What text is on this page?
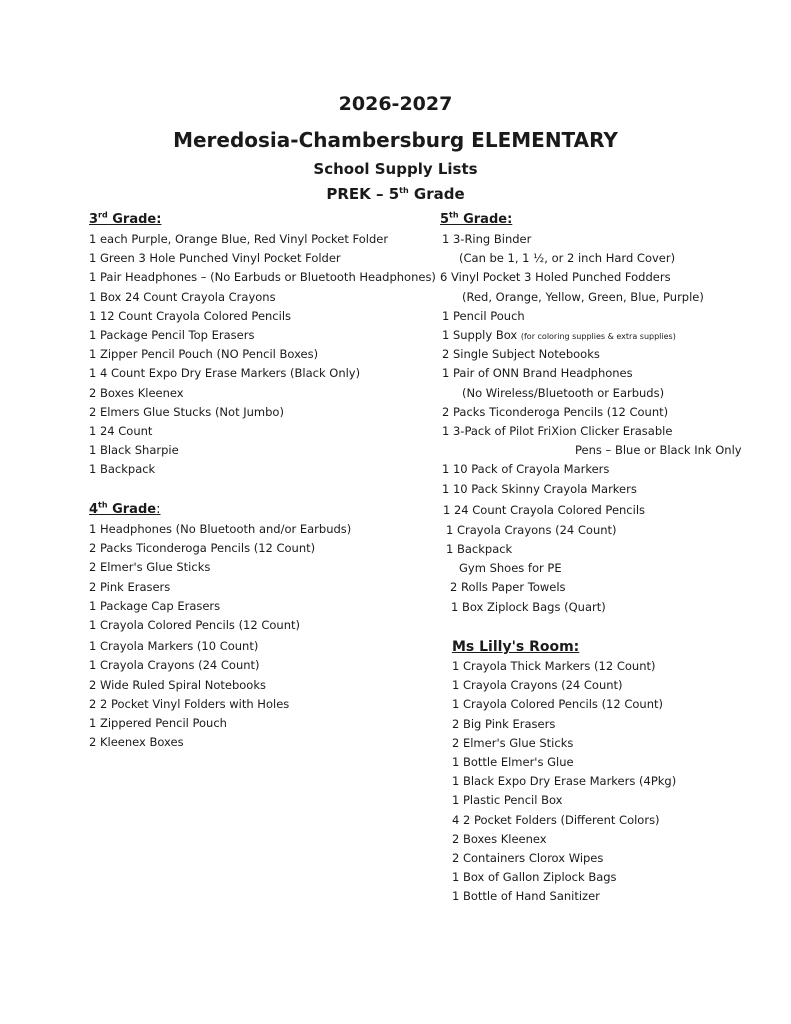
2026-2027
Meredosia-Chambersburg ELEMENTARY
School Supply Lists
PREK – 5th Grade
3rd Grade:
1 each Purple, Orange Blue, Red Vinyl Pocket Folder
1 Green 3 Hole Punched Vinyl Pocket Folder
1 Pair Headphones – (No Earbuds or Bluetooth Headphones)
1 Box 24 Count Crayola Crayons
1 12 Count Crayola Colored Pencils
1 Package Pencil Top Erasers
1 Zipper Pencil Pouch (NO Pencil Boxes)
1 4 Count Expo Dry Erase Markers (Black Only)
2 Boxes Kleenex
2 Elmers Glue Stucks (Not Jumbo)
1 24 Count
1 Black Sharpie
1 Backpack
4th Grade:
1 Headphones (No Bluetooth and/or Earbuds)
2 Packs Ticonderoga Pencils (12 Count)
2 Elmer's Glue Sticks
2 Pink Erasers
1 Package Cap Erasers
1 Crayola Colored Pencils (12 Count)
1 Crayola Markers (10 Count)
1 Crayola Crayons (24 Count)
2 Wide Ruled Spiral Notebooks
2 2 Pocket Vinyl Folders with Holes
1 Zippered Pencil Pouch
2 Kleenex Boxes
5th Grade:
1 3-Ring Binder
(Can be 1, 1 ½, or 2 inch Hard Cover)
6 Vinyl Pocket 3 Holed Punched Fodders
(Red, Orange, Yellow, Green, Blue, Purple)
1 Pencil Pouch
1 Supply Box (for coloring supplies & extra supplies)
2 Single Subject Notebooks
1 Pair of ONN Brand Headphones
(No Wireless/Bluetooth or Earbuds)
2 Packs Ticonderoga Pencils (12 Count)
1 3-Pack of Pilot FriXion Clicker Erasable
Pens – Blue or Black Ink Only
1 10 Pack of Crayola Markers
1 10 Pack Skinny Crayola Markers
1 24 Count Crayola Colored Pencils
1 Crayola Crayons (24 Count)
1 Backpack
Gym Shoes for PE
2 Rolls Paper Towels
1 Box Ziplock Bags (Quart)
Ms Lilly's Room:
1 Crayola Thick Markers (12 Count)
1 Crayola Crayons (24 Count)
1 Crayola Colored Pencils (12 Count)
2 Big Pink Erasers
2 Elmer's Glue Sticks
1 Bottle Elmer's Glue
1 Black Expo Dry Erase Markers (4Pkg)
1 Plastic Pencil Box
4 2 Pocket Folders (Different Colors)
2 Boxes Kleenex
2 Containers Clorox Wipes
1 Box of Gallon Ziplock Bags
1 Bottle of Hand Sanitizer
